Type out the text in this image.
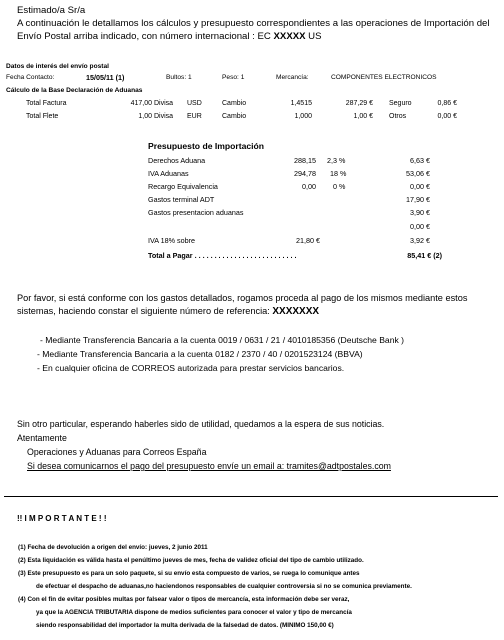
Estimado/a Sr/a
A continuación le detallamos los cálculos y presupuesto correspondientes a las operaciones de Importación del
Envío Postal arriba indicado, con número internacional : EC XXXXX US
Datos de interés del envío postal
Fecha Contacto:	15/05/11 (1)	Bultos: 1	Peso: 1	Mercancía:	COMPONENTES ELECTRONICOS
Cálculo de la Base Declaración de Aduanas
Total Factura	417,00 Divisa USD	Cambio	1,4515	287,29 € Seguro	0,86 €
Total Flete	1,00 Divisa EUR	Cambio	1,000	1,00 € Otros	0,00 €
Presupuesto de Importación
Derechos Aduana	288,15 2,3 %	6,63 €
IVA Aduanas	294,78 18 %	53,06 €
Recargo Equivalencia	0,00 0 %	0,00 €
Gastos terminal ADT	17,90 €
Gastos presentacion aduanas	3,90 €
0,00 €
IVA 18% sobre	21,80 €	3,92 €
Total a Pagar . . . . . . . . . . . . . . . . . . . . . . . . . .	85,41 € (2)
Por favor, si está conforme con los gastos detallados, rogamos proceda al pago de los mismos mediante estos
sistemas, haciendo constar el siguiente número de referencia: XXXXXXX
- Mediante Transferencia Bancaria a la cuenta 0019 / 0631 / 21 / 4010185356 (Deutsche Bank )
- Mediante Transferencia Bancaria a la cuenta 0182 / 2370 / 40 / 0201523124 (BBVA)
- En cualquier oficina de CORREOS autorizada para prestar servicios bancarios.
Sin otro particular, esperando haberles sido de utilidad, quedamos a la espera de sus noticias.
Atentamente
Operaciones y Aduanas para Correos España
Si desea comunicarnos el pago del presupuesto envíe un email a: tramites@adtpostales.com
!! I M P O R T A N T E ! !
(1) Fecha de devolución a origen del envío: jueves, 2 junio 2011
(2) Esta liquidación es válida hasta el penúltimo jueves de mes, fecha de validez oficial del tipo de cambio utilizado.
(3) Este presupuesto es para un solo paquete, si su envío esta compuesto de varios, se ruega lo comunique antes
de efectuar el despacho de aduanas,no haciendonos responsables de cualquier controversia si no se comunica previamente.
(4) Con el fin de evitar posibles multas por falsear valor o tipos de mercancía, esta información debe ser veraz,
ya que la AGENCIA TRIBUTARIA dispone de medios suficientes para conocer el valor y tipo de mercancía
siendo responsabilidad del importador la multa derivada de la falsedad de datos. (MINIMO 150,00 €)
